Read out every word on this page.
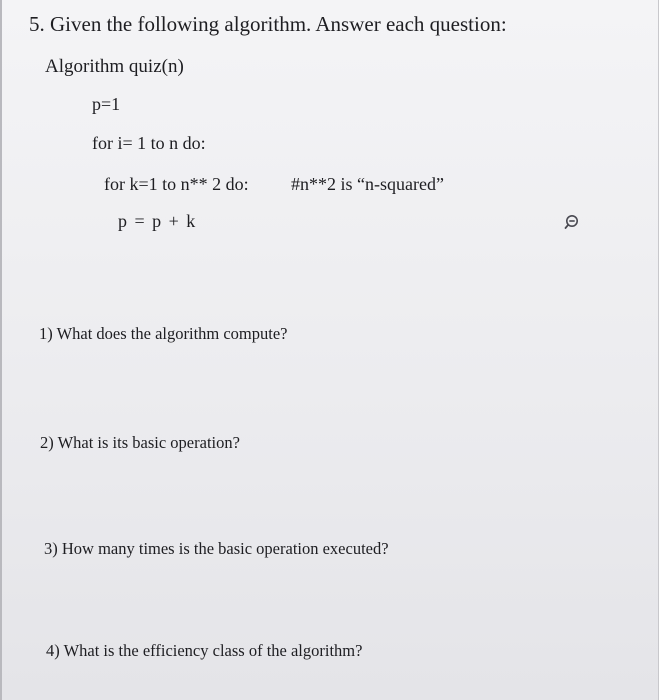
5. Given the following algorithm. Answer each question:
Algorithm quiz(n)
p=1
for i= 1 to n do:
for k=1 to n** 2 do: #n**2 is “n-squared”
p = p + k
1) What does the algorithm compute?
2) What is its basic operation?
3) How many times is the basic operation executed?
4) What is the efficiency class of the algorithm?
